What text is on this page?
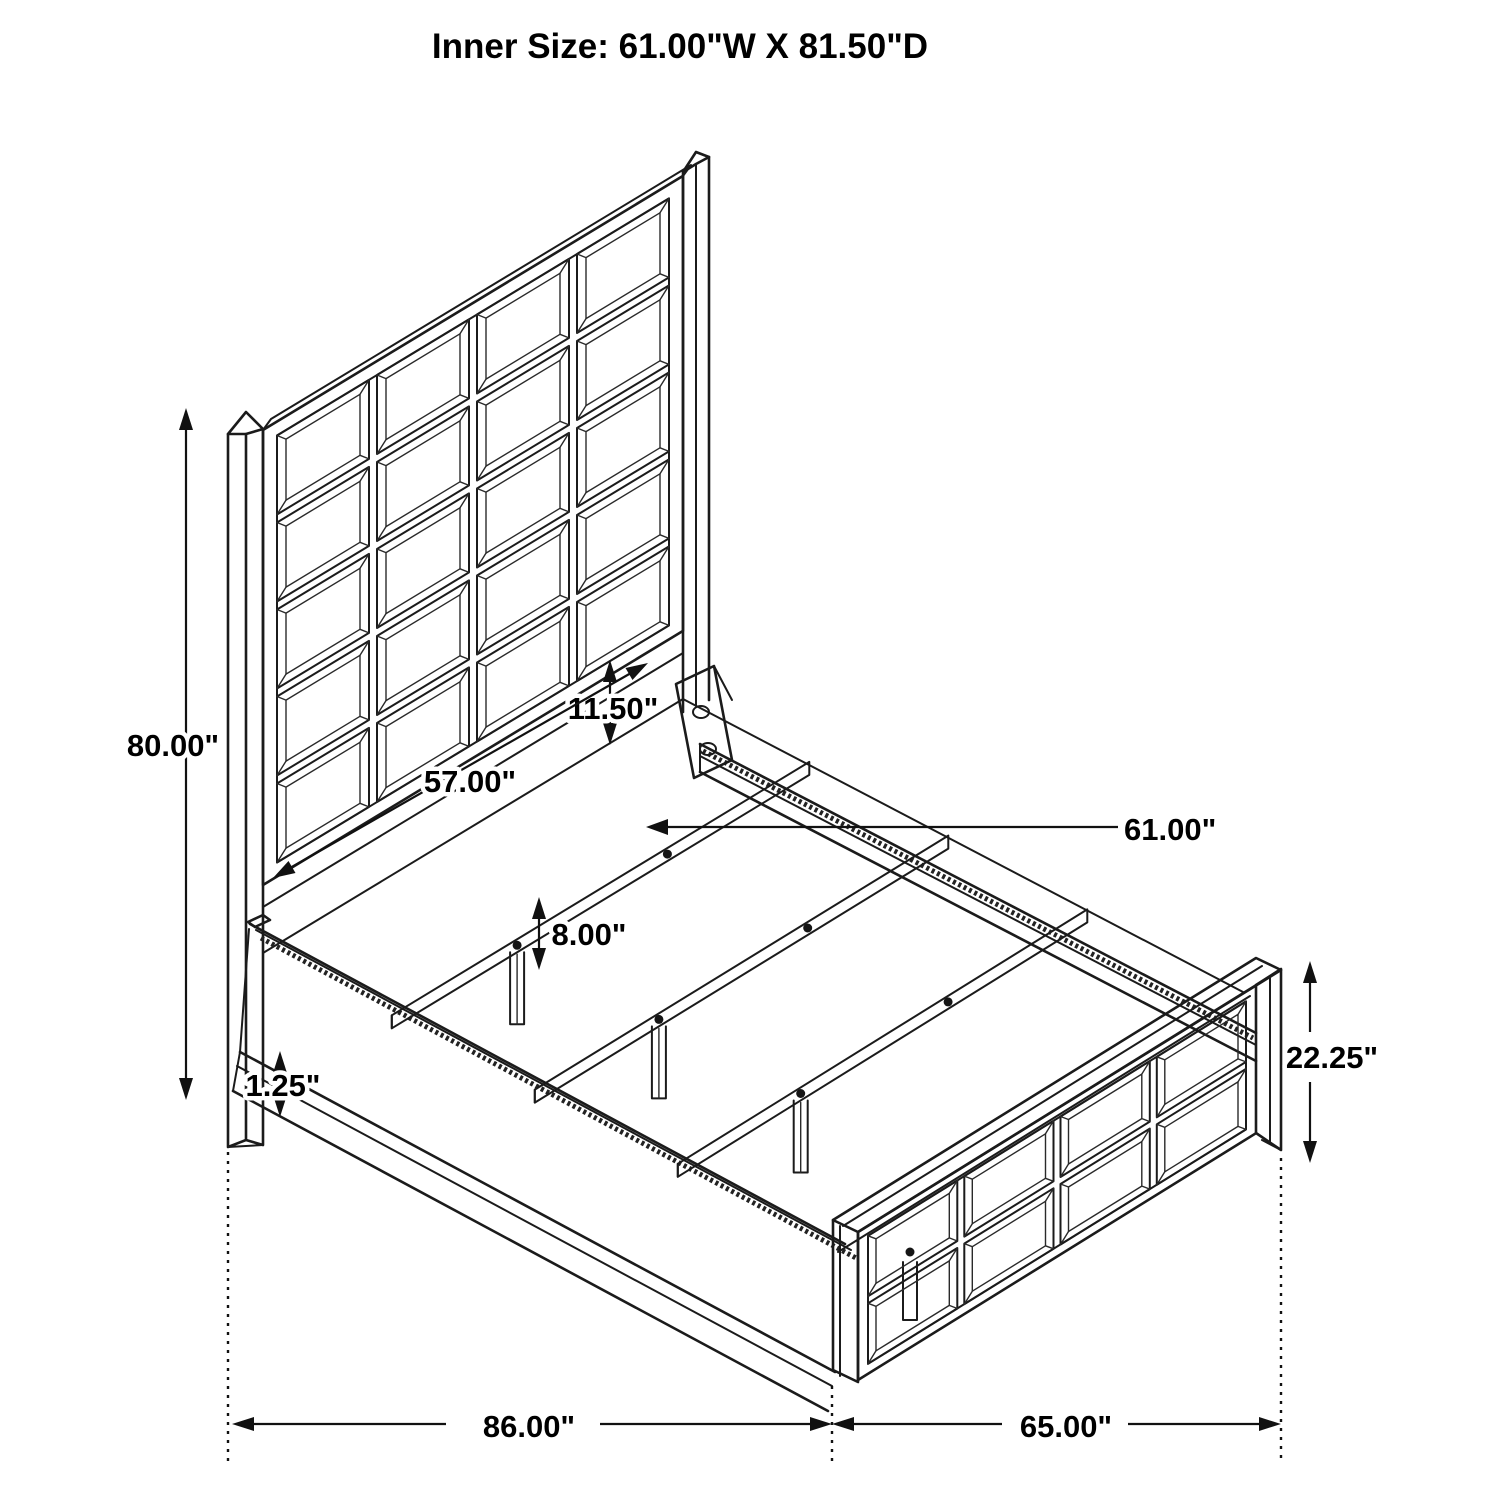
Inner Size: 61.00"W X 81.50"D
80.00"
11.50"
57.00"
61.00"
8.00"
1.25"
22.25"
86.00"	65.00"
